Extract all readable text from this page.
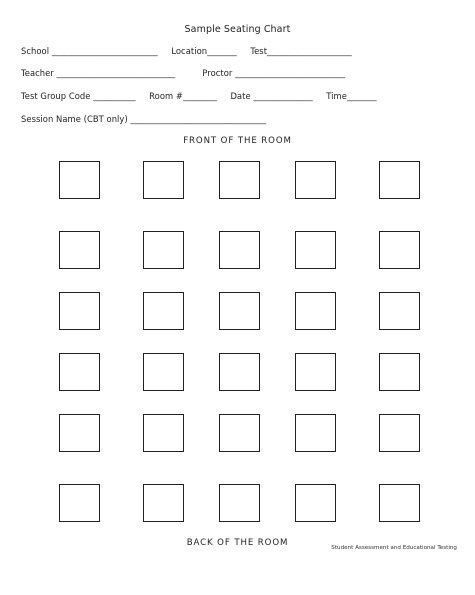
Sample Seating Chart
School _________________________     Location_______     Test____________________
Teacher ____________________________          Proctor __________________________
Test Group Code __________     Room #________     Date ______________     Time_______
Session Name (CBT only) ________________________________
FRONT OF THE ROOM
BACK OF THE ROOM	Student Assessment and Educational Testing
